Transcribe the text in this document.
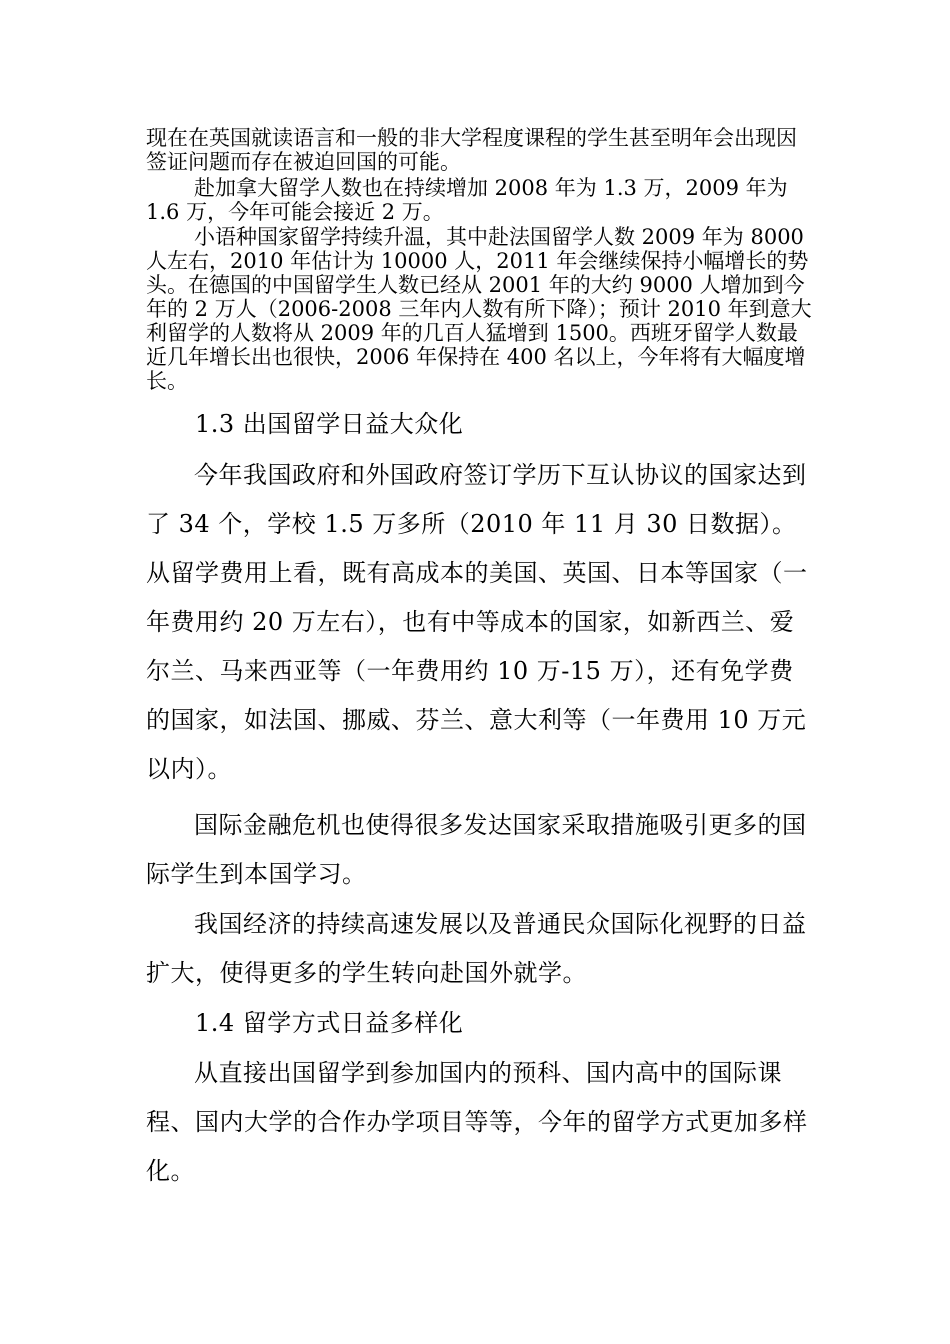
现在在英国就读语言和一般的非大学程度课程的学生甚至明年会出现因签证问题而存在被迫回国的可能。

赴加拿大留学人数也在持续增加 2008 年为 1.3 万，2009 年为 1.6 万，今年可能会接近 2 万。

小语种国家留学持续升温，其中赴法国留学人数 2009 年为 8000 人左右，2010 年估计为 10000 人，2011 年会继续保持小幅增长的势头。在德国的中国留学生人数已经从 2001 年的大约 9000 人增加到今年的 2 万人（2006-2008 三年内人数有所下降）；预计 2010 年到意大利留学的人数将从 2009 年的几百人猛增到 1500。西班牙留学人数最近几年增长出也很快，2006 年保持在 400 名以上，今年将有大幅度增长。

1.3 出国留学日益大众化

今年我国政府和外国政府签订学历下互认协议的国家达到了 34 个，学校 1.5 万多所（2010 年 11 月 30 日数据）。从留学费用上看，既有高成本的美国、英国、日本等国家（一年费用约 20 万左右），也有中等成本的国家，如新西兰、爱尔兰、马来西亚等（一年费用约 10 万-15 万），还有免学费的国家，如法国、挪威、芬兰、意大利等（一年费用 10 万元以内）。

国际金融危机也使得很多发达国家采取措施吸引更多的国际学生到本国学习。

我国经济的持续高速发展以及普通民众国际化视野的日益扩大，使得更多的学生转向赴国外就学。

1.4 留学方式日益多样化

从直接出国留学到参加国内的预科、国内高中的国际课程、国内大学的合作办学项目等等，今年的留学方式更加多样化。
